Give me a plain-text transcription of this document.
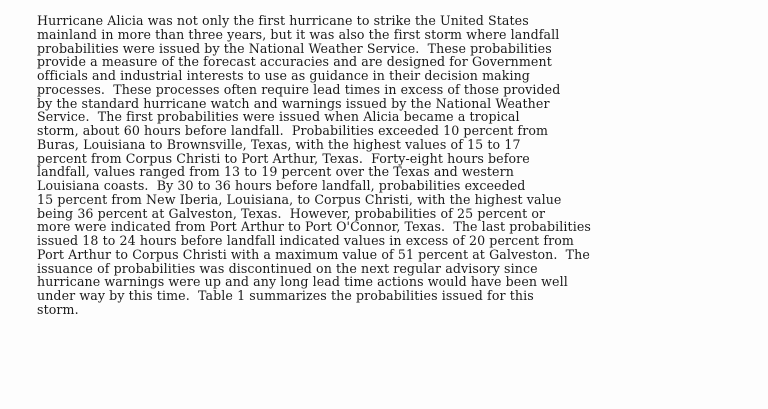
Hurricane Alicia was not only the first hurricane to strike the United States
mainland in more than three years, but it was also the first storm where landfall
probabilities were issued by the National Weather Service.  These probabilities
provide a measure of the forecast accuracies and are designed for Government
officials and industrial interests to use as guidance in their decision making
processes.  These processes often require lead times in excess of those provided
by the standard hurricane watch and warnings issued by the National Weather
Service.  The first probabilities were issued when Alicia became a tropical
storm, about 60 hours before landfall.  Probabilities exceeded 10 percent from
Buras, Louisiana to Brownsville, Texas, with the highest values of 15 to 17
percent from Corpus Christi to Port Arthur, Texas.  Forty-eight hours before
landfall, values ranged from 13 to 19 percent over the Texas and western
Louisiana coasts.  By 30 to 36 hours before landfall, probabilities exceeded
15 percent from New Iberia, Louisiana, to Corpus Christi, with the highest value
being 36 percent at Galveston, Texas.  However, probabilities of 25 percent or
more were indicated from Port Arthur to Port O'Connor, Texas.  The last probabilities
issued 18 to 24 hours before landfall indicated values in excess of 20 percent from
Port Arthur to Corpus Christi with a maximum value of 51 percent at Galveston.  The
issuance of probabilities was discontinued on the next regular advisory since
hurricane warnings were up and any long lead time actions would have been well
under way by this time.  Table 1 summarizes the probabilities issued for this
storm.
